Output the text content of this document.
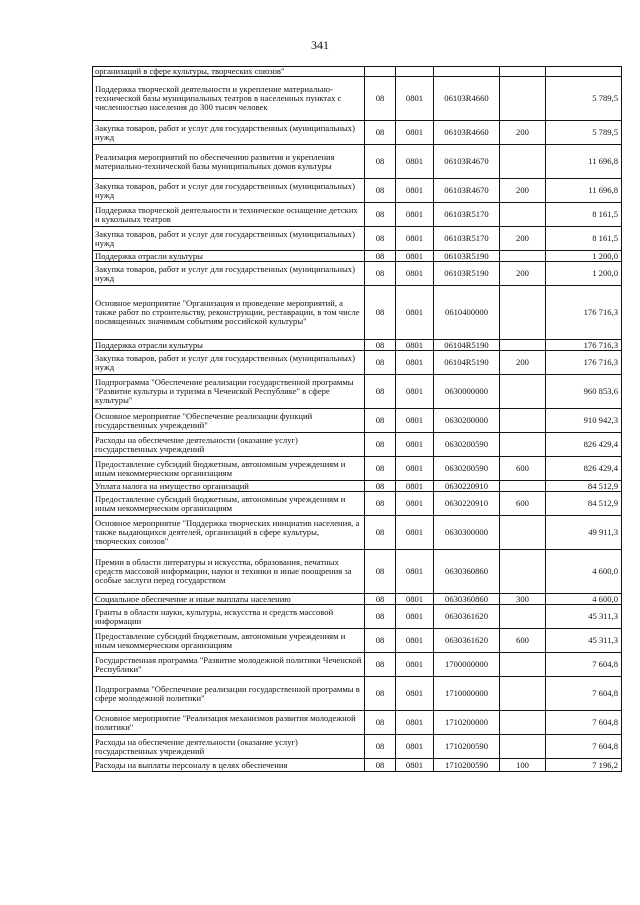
341
организаций в сфере культуры, творческих союзов"					
Поддержка творческой деятельности и укрепление материально-технической базы муниципальных театров в населенных пунктах с численностью населения до 300 тысяч человек	08	0801	06103R4660		5 789,5
Закупка товаров, работ и услуг для государственных (муниципальных) нужд	08	0801	06103R4660	200	5 789,5
Реализация мероприятий по обеспечению развития и укрепления материально-технической базы муниципальных домов культуры	08	0801	06103R4670		11 696,8
Закупка товаров, работ и услуг для государственных (муниципальных) нужд	08	0801	06103R4670	200	11 696,8
Поддержка творческой деятельности и техническое оснащение детских и кукольных театров	08	0801	06103R5170		8 161,5
Закупка товаров, работ и услуг для государственных (муниципальных) нужд	08	0801	06103R5170	200	8 161,5
Поддержка отрасли культуры	08	0801	06103R5190		1 200,0
Закупка товаров, работ и услуг для государственных (муниципальных) нужд	08	0801	06103R5190	200	1 200,0
Основное мероприятие "Организация и проведение мероприятий, а также работ по строительству, реконструкции, реставрации, в том числе посвященных значимым событиям российской культуры"	08	0801	0610400000		176 716,3
Поддержка отрасли культуры	08	0801	06104R5190		176 716,3
Закупка товаров, работ и услуг для государственных (муниципальных) нужд	08	0801	06104R5190	200	176 716,3
Подпрограмма "Обеспечение реализации государственной программы "Развитие культуры и туризма в Чеченской Республике" в сфере культуры"	08	0801	0630000000		960 853,6
Основное мероприятие "Обеспечение реализации функций государственных учреждений"	08	0801	0630200000		910 942,3
Расходы на обеспечение деятельности (оказание услуг) государственных учреждений	08	0801	0630200590		826 429,4
Предоставление субсидий бюджетным, автономным учреждениям и иным некоммерческим организациям	08	0801	0630200590	600	826 429,4
Уплата налога на имущество организаций	08	0801	0630220910		84 512,9
Предоставление субсидий бюджетным, автономным учреждениям и иным некоммерческим организациям	08	0801	0630220910	600	84 512,9
Основное мероприятие "Поддержка творческих инициатив населения, а также выдающихся деятелей, организаций в сфере культуры, творческих союзов"	08	0801	0630300000		49 911,3
Премии в области литературы и искусства, образования, печатных средств массовой информации, науки и техники и иные поощрения за особые заслуги перед государством	08	0801	0630360860		4 600,0
Социальное обеспечение и иные выплаты населению	08	0801	0630360860	300	4 600,0
Гранты в области науки, культуры, искусства и средств массовой информации	08	0801	0630361620		45 311,3
Предоставление субсидий бюджетным, автономным учреждениям и иным некоммерческим организациям	08	0801	0630361620	600	45 311,3
Государственная программа "Развитие молодежной политики Чеченской Республики"	08	0801	1700000000		7 604,8
Подпрограмма "Обеспечение реализации государственной программы в сфере молодежной политики"	08	0801	1710000000		7 604,8
Основное мероприятие "Реализация механизмов развития молодежной политики"	08	0801	1710200000		7 604,8
Расходы на обеспечение деятельности (оказание услуг) государственных учреждений	08	0801	1710200590		7 604,8
Расходы на выплаты персоналу в целях обеспечения	08	0801	1710200590	100	7 196,2
